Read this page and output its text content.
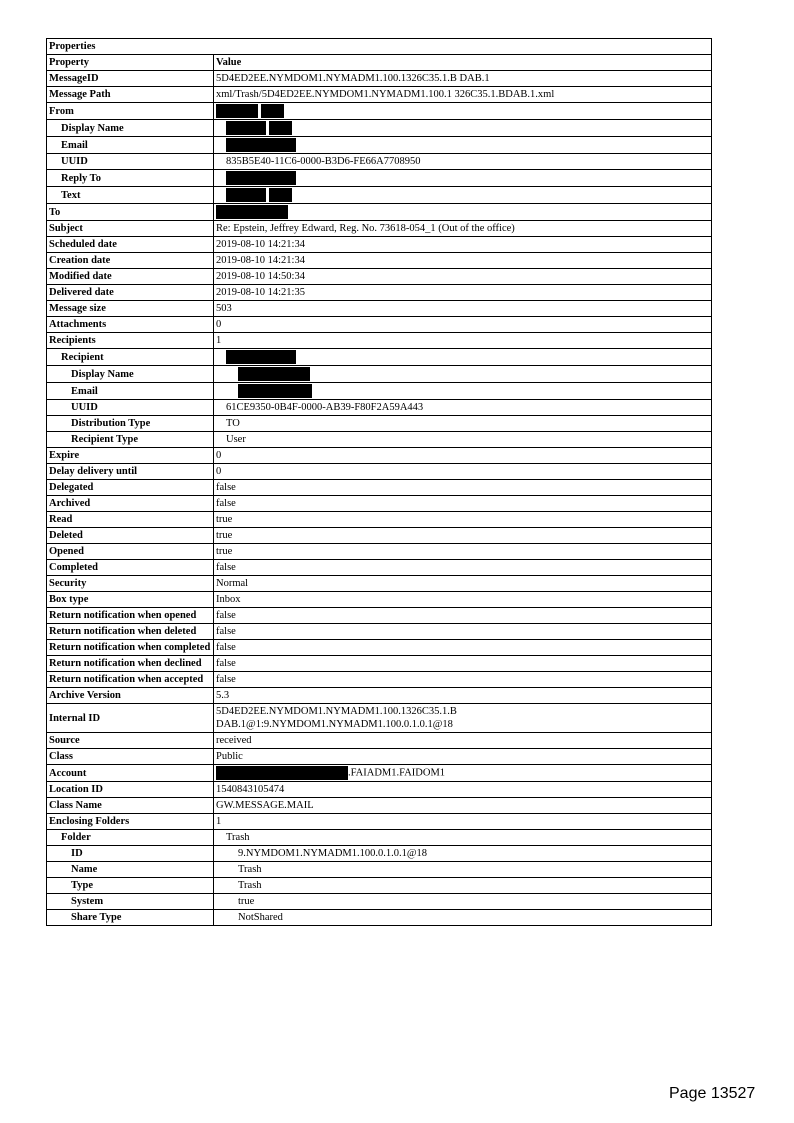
Properties	
Property	Value
MessageID	5D4ED2EE.NYMDOM1.NYMADM1.100.1326C35.1.B DAB.1
Message Path	xml/Trash/5D4ED2EE.NYMDOM1.NYMADM1.100.1 326C35.1.BDAB.1.xml
From	
Display Name	
Email	
UUID	835B5E40-11C6-0000-B3D6-FE66A7708950
Reply To	
Text	
To	
Subject	Re: Epstein, Jeffrey Edward, Reg. No. 73618-054_1 (Out of the office)
Scheduled date	2019-08-10 14:21:34
Creation date	2019-08-10 14:21:34
Modified date	2019-08-10 14:50:34
Delivered date	2019-08-10 14:21:35
Message size	503
Attachments	0
Recipients	1
Recipient	
Display Name	
Email	
UUID	61CE9350-0B4F-0000-AB39-F80F2A59A443
Distribution Type	TO
Recipient Type	User
Expire	0
Delay delivery until	0
Delegated	false
Archived	false
Read	true
Deleted	true
Opened	true
Completed	false
Security	Normal
Box type	Inbox
Return notification when opened	false
Return notification when deleted	false
Return notification when completed	false
Return notification when declined	false
Return notification when accepted	false
Archive Version	5.3
Internal ID	5D4ED2EE.NYMDOM1.NYMADM1.100.1326C35.1.B
DAB.1@1:9.NYMDOM1.NYMADM1.100.0.1.0.1@18

Source	received
Class	Public
Account	.FAIADM1.FAIDOM1
Location ID	1540843105474
Class Name	GW.MESSAGE.MAIL
Enclosing Folders	1
Folder	Trash
ID	9.NYMDOM1.NYMADM1.100.0.1.0.1@18
Name	Trash
Type	Trash
System	true
Share Type	NotShared
Page 13527
